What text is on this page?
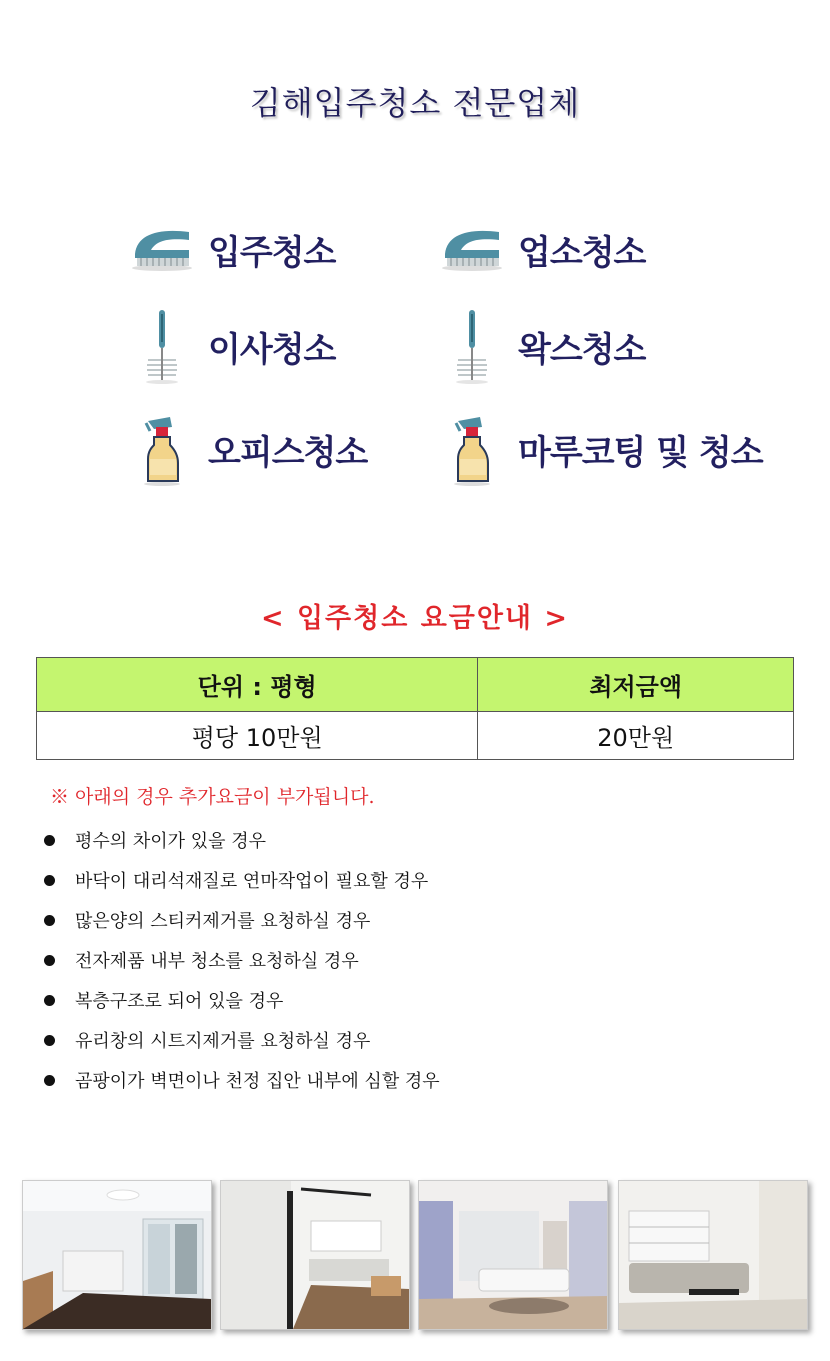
김해입주청소 전문업체
입주청소	업소청소
이사청소	왁스청소
오피스청소	마루코팅 및 청소
< 입주청소 요금안내 >
단위 : 평형	최저금액
평당 10만원	20만원
※ 아래의 경우 추가요금이 부가됩니다.
평수의 차이가 있을 경우
바닥이 대리석재질로 연마작업이 필요할 경우
많은양의 스티커제거를 요청하실 경우
전자제품 내부 청소를 요청하실 경우
복층구조로 되어 있을 경우
유리창의 시트지제거를 요청하실 경우
곰팡이가 벽면이나 천정 집안 내부에 심할 경우
